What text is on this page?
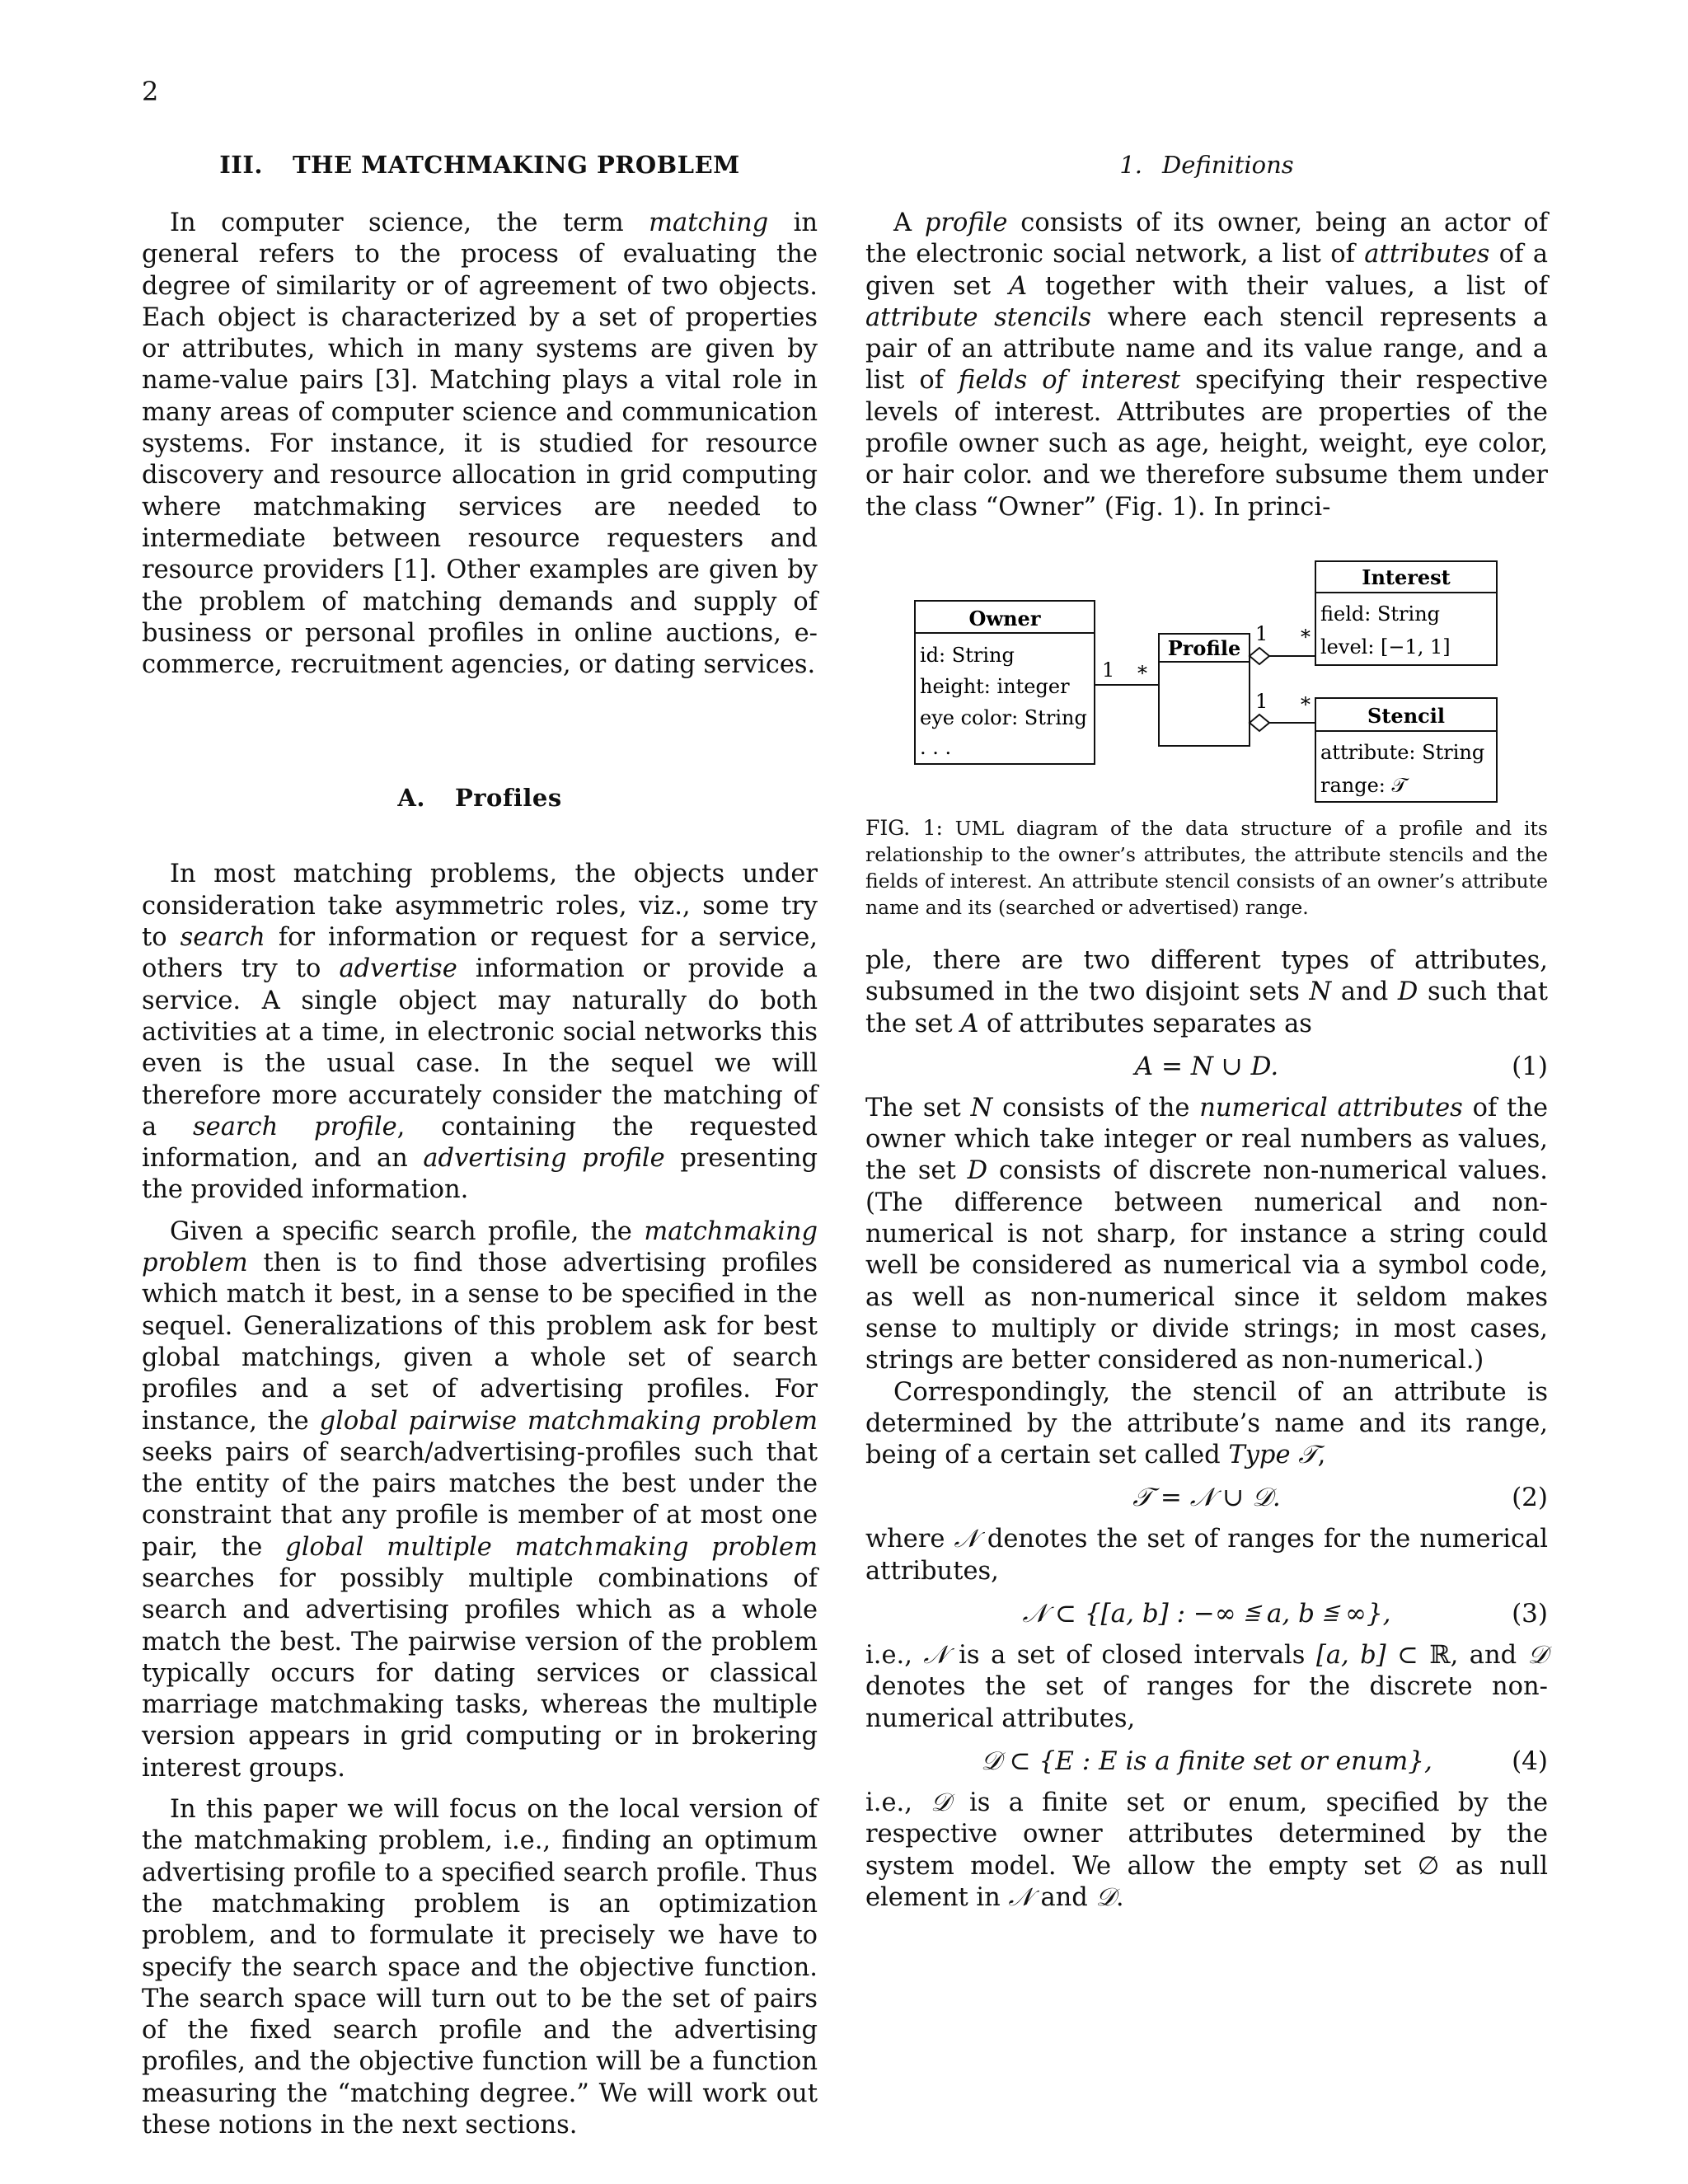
2
III. THE MATCHMAKING PROBLEM

In computer science, the term matching in general refers to the process of evaluating the degree of similarity or of agreement of two objects. Each object is characterized by a set of properties or attributes, which in many systems are given by name-value pairs [3]. Matching plays a vital role in many areas of computer science and communication systems. For instance, it is studied for resource discovery and resource allocation in grid computing where matchmaking services are needed to intermediate between resource requesters and resource providers [1]. Other examples are given by the problem of matching demands and supply of business or personal profiles in online auctions, e-commerce, recruitment agencies, or dating services.

A. Profiles

In most matching problems, the objects under consideration take asymmetric roles, viz., some try to search for information or request for a service, others try to advertise information or provide a service. A single object may naturally do both activities at a time, in electronic social networks this even is the usual case. In the sequel we will therefore more accurately consider the matching of a search profile, containing the requested information, and an advertising profile presenting the provided information.

Given a specific search profile, the matchmaking problem then is to find those advertising profiles which match it best, in a sense to be specified in the sequel. Generalizations of this problem ask for best global matchings, given a whole set of search profiles and a set of advertising profiles. For instance, the global pairwise matchmaking problem seeks pairs of search/advertising-profiles such that the entity of the pairs matches the best under the constraint that any profile is member of at most one pair, the global multiple matchmaking problem searches for possibly multiple combinations of search and advertising profiles which as a whole match the best. The pairwise version of the problem typically occurs for dating services or classical marriage matchmaking tasks, whereas the multiple version appears in grid computing or in brokering interest groups.

In this paper we will focus on the local version of the matchmaking problem, i.e., finding an optimum advertising profile to a specified search profile. Thus the matchmaking problem is an optimization problem, and to formulate it precisely we have to specify the search space and the objective function. The search space will turn out to be the set of pairs of the fixed search profile and the advertising profiles, and the objective function will be a function measuring the “matching degree.” We will work out these notions in the next sections.

1. Definitions

A profile consists of its owner, being an actor of the electronic social network, a list of attributes of a given set A together with their values, a list of attribute stencils where each stencil represents a pair of an attribute name and its value range, and a list of fields of interest specifying their respective levels of interest. Attributes are properties of the profile owner such as age, height, weight, eye color, or hair color. and we therefore subsume them under the class “Owner” (Fig. 1). In princi-

Owner
id: String
height: integer
eye color: String
. . .
Profile
1 *
Interest
field: String
level: [−1, 1]
1 *
Stencil
attribute: String
range: 𝒯
1 *
FIG. 1: UML diagram of the data structure of a profile and its relationship to the owner’s attributes, the attribute stencils and the fields of interest. An attribute stencil consists of an owner’s attribute name and its (searched or advertised) range.

ple, there are two different types of attributes, subsumed in the two disjoint sets N and D such that the set A of attributes separates as

A = N ∪ D.	(1)

The set N consists of the numerical attributes of the owner which take integer or real numbers as values, the set D consists of discrete non-numerical values. (The difference between numerical and non-numerical is not sharp, for instance a string could well be considered as numerical via a symbol code, as well as non-numerical since it seldom makes sense to multiply or divide strings; in most cases, strings are better considered as non-numerical.)

Correspondingly, the stencil of an attribute is determined by the attribute’s name and its range, being of a certain set called Type 𝒯,

𝒯 = 𝒩 ∪ 𝒟.	(2)

where 𝒩 denotes the set of ranges for the numerical attributes,

𝒩 ⊂ {[a, b] : −∞ ≦ a, b ≦ ∞},	(3)

i.e., 𝒩 is a set of closed intervals [a, b] ⊂ ℝ, and 𝒟 denotes the set of ranges for the discrete non-numerical attributes,

𝒟 ⊂ {E : E is a finite set or enum},	(4)

i.e., 𝒟 is a finite set or enum, specified by the respective owner attributes determined by the system model. We allow the empty set ∅ as null element in 𝒩 and 𝒟.
